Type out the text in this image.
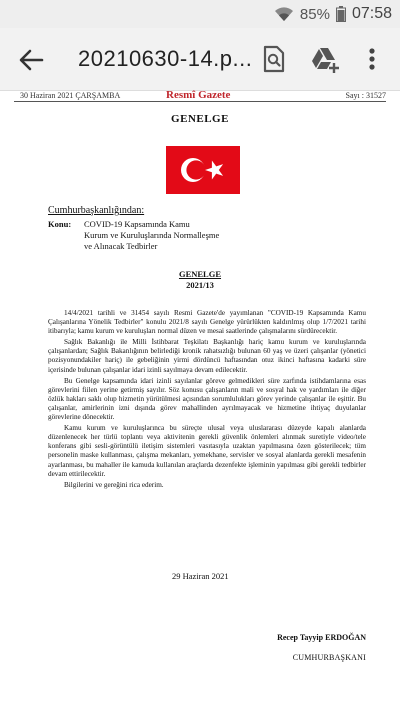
85% 07:58
20210630-14.p...
30 Haziran 2021 ÇARŞAMBA	Resmî Gazete	Sayı : 31527
GENELGE
Cumhurbaşkanlığından:
Konu: COVID-19 Kapsamında Kamu
Kurum ve Kuruluşlarında Normalleşme
ve Alınacak Tedbirler
GENELGE
2021/13

14/4/2021 tarihli ve 31454 sayılı Resmi Gazete'de yayımlanan "COVID-19 Kapsamında Kamu Çalışanlarına Yönelik Tedbirler" konulu 2021/8 sayılı Genelge yürürlükten kaldırılmış olup 1/7/2021 tarihi itibarıyla; kamu kurum ve kuruluşları normal düzen ve mesai saatlerinde çalışmalarını sürdürecektir.

Sağlık Bakanlığı ile Milli İstihbarat Teşkilatı Başkanlığı hariç kamu kurum ve kuruluşlarında çalışanlardan; Sağlık Bakanlığının belirlediği kronik rahatsızlığı bulunan 60 yaş ve üzeri çalışanlar (yönetici pozisyonundakiler hariç) ile gebeliğinin yirmi dördüncü haftasından otuz ikinci haftasına kadarki süre içerisinde bulunan çalışanlar idari izinli sayılmaya devam edilecektir.

Bu Genelge kapsamında idari izinli sayılanlar göreve gelmedikleri süre zarfında istihdamlarına esas görevlerini fiilen yerine getirmiş sayılır. Söz konusu çalışanların mali ve sosyal hak ve yardımları ile diğer özlük hakları saklı olup hizmetin yürütülmesi açısından sorumlulukları görev yerinde çalışanlar ile eşittir. Bu çalışanlar, amirlerinin izni dışında görev mahallinden ayrılmayacak ve hizmetine ihtiyaç duyulanlar görevlerine dönecektir.

Kamu kurum ve kuruluşlarınca bu süreçte ulusal veya uluslararası düzeyde kapalı alanlarda düzenlenecek her türlü toplantı veya aktivitenin gerekli güvenlik önlemleri alınmak suretiyle video/tele konferans gibi sesli-görüntülü iletişim sistemleri vasıtasıyla uzaktan yapılmasına özen gösterilecek; tüm personelin maske kullanması, çalışma mekanları, yemekhane, servisler ve sosyal alanlarda gerekli mesafenin ayarlanması, bu mahaller ile kamuda kullanılan araçlarda dezenfekte işleminin yapılması gibi gerekli tedbirler devam ettirilecektir.

Bilgilerini ve gereğini rica ederim.

29 Haziran 2021
Recep Tayyip ERDOĞAN
CUMHURBAŞKANI
